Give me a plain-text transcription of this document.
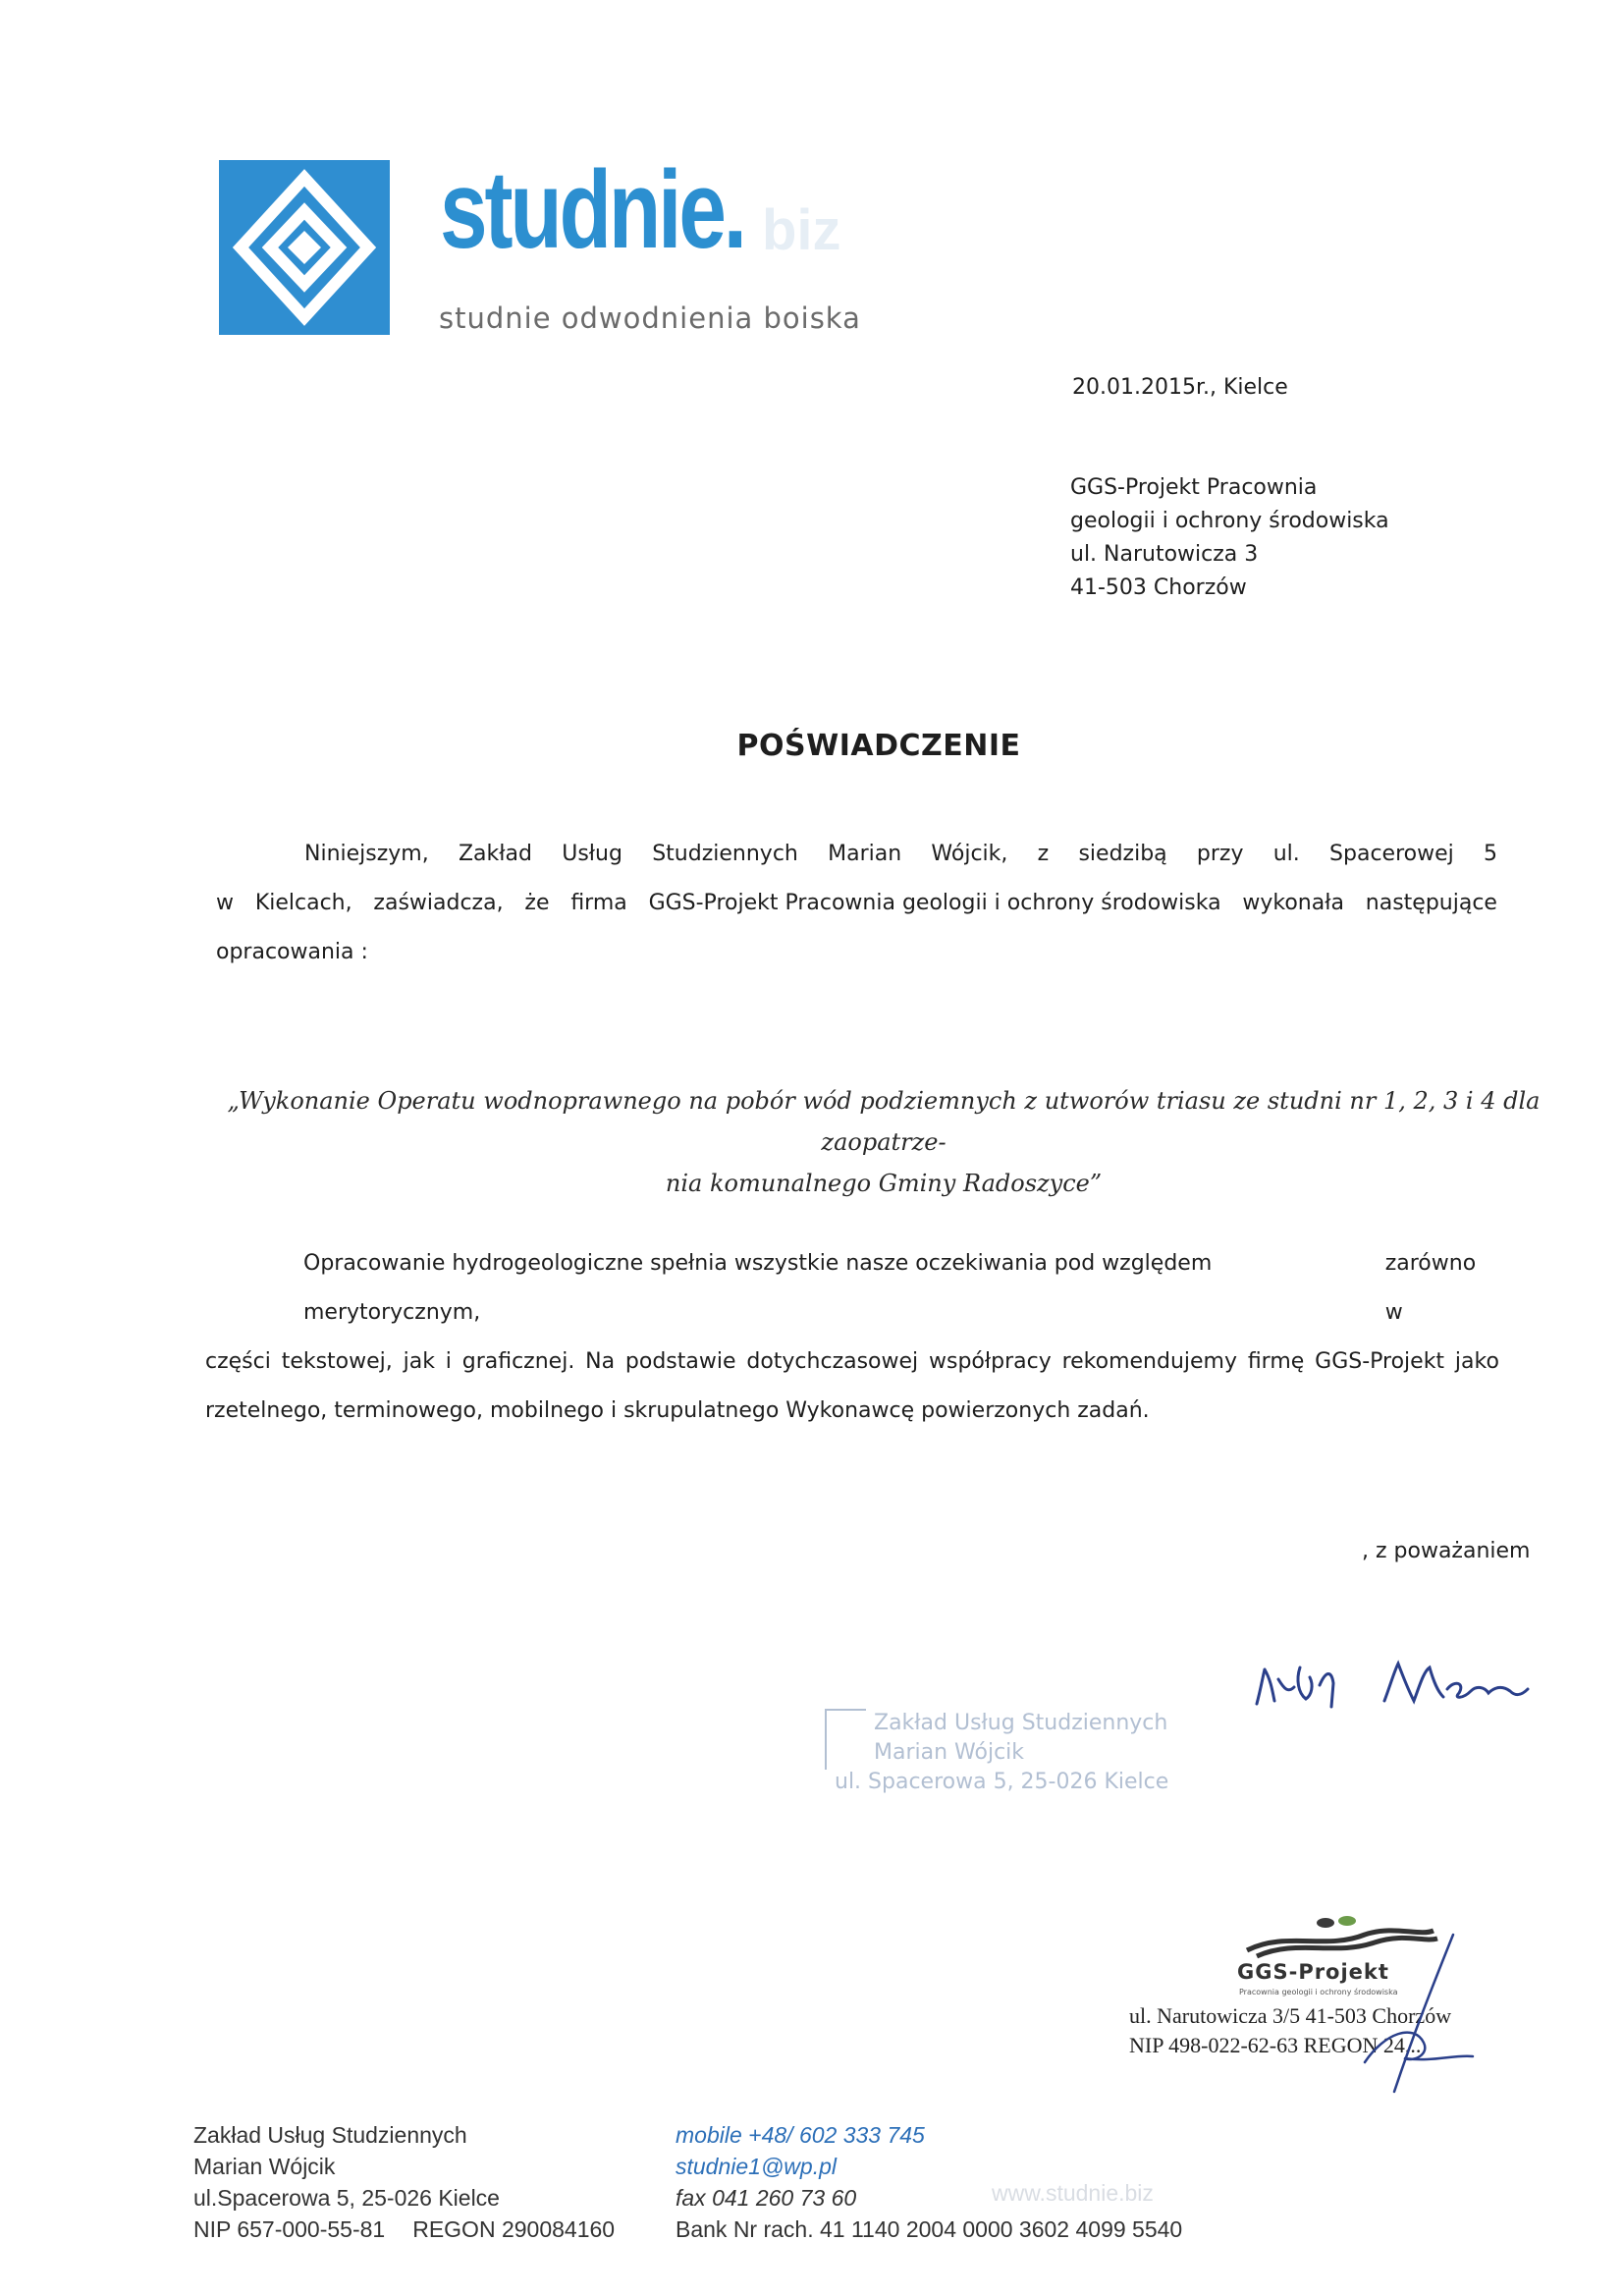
studnie. biz
studnie odwodnienia boiska
20.01.2015r., Kielce
GGS-Projekt Pracownia
geologii i ochrony środowiska
ul. Narutowicza 3
41-503 Chorzów
POŚWIADCZENIE
Niniejszym, Zakład Usług Studziennych Marian Wójcik, z siedzibą przy ul. Spacerowej 5
w Kielcach, zaświadcza, że firma GGS-Projekt Pracownia geologii i ochrony środowiska wykonała następujące
opracowania :
„Wykonanie Operatu wodnoprawnego na pobór wód podziemnych z utworów triasu ze studni nr 1, 2, 3 i 4 dla zaopatrze-
nia komunalnego Gminy Radoszyce”
Opracowanie hydrogeologiczne spełnia wszystkie nasze oczekiwania pod względem merytorycznym,
zarówno w
części tekstowej, jak i graficznej. Na podstawie dotychczasowej współpracy rekomendujemy firmę GGS-Projekt jako
rzetelnego, terminowego, mobilnego i skrupulatnego Wykonawcę powierzonych zadań.
, z poważaniem
Zakład Usług Studziennych
Marian Wójcik
ul. Spacerowa 5, 25-026 Kielce
GGS-Projekt
Pracownia geologii i ochrony środowiska
ul. Narutowicza 3/5 41-503 Chorzów
NIP 498-022-62-63 REGON 24...
Zakład Usług Studziennych
Marian Wójcik
ul.Spacerowa 5, 25-026 Kielce
NIP 657-000-55-81 REGON 290084160
mobile +48/ 602 333 745
studnie1@wp.pl
fax 041 260 73 60
Bank Nr rach. 41 1140 2004 0000 3602 4099 5540
www.studnie.biz
